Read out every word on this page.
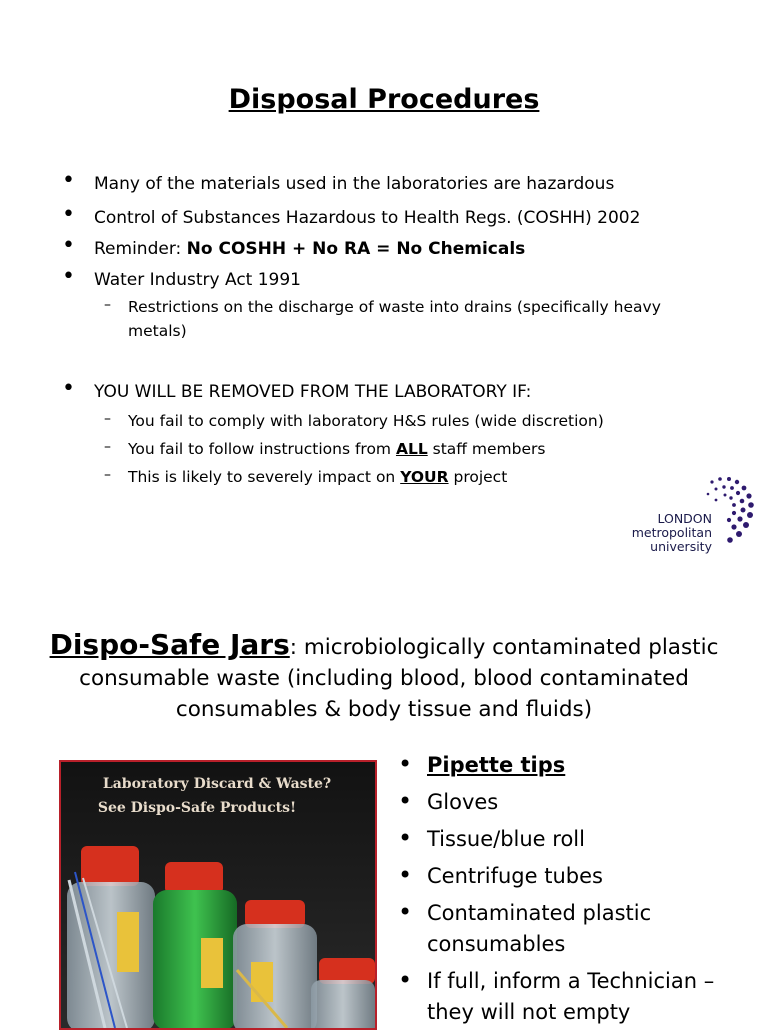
Disposal Procedures
• Many of the materials used in the laboratories are hazardous
• Control of Substances Hazardous to Health Regs. (COSHH) 2002
• Reminder: No COSHH + No RA = No Chemicals
• Water Industry Act 1991
– Restrictions on the discharge of waste into drains (specifically heavy metals)
• YOU WILL BE REMOVED FROM THE LABORATORY IF:
– You fail to comply with laboratory H&S rules (wide discretion)
– You fail to follow instructions from ALL staff members
– This is likely to severely impact on YOUR project
LONDON
metropolitan
university
Dispo-Safe Jars: microbiologically contaminated plastic consumable waste (including blood, blood contaminated consumables & body tissue and fluids)
Laboratory Discard & Waste?
See Dispo-Safe Products!
• Pipette tips
• Gloves
• Tissue/blue roll
• Centrifuge tubes
• Contaminated plastic consumables
• If full, inform a Technician – they will not empty
